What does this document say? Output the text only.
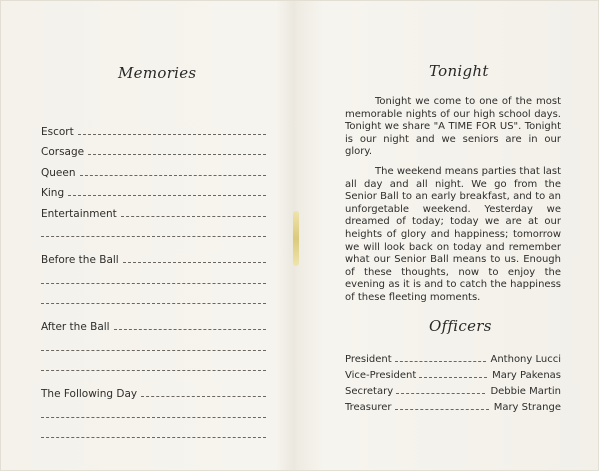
Memories
Escort
Corsage
Queen
King
Entertainment
Before the Ball
After the Ball
The Following Day
Tonight

Tonight we come to one of the most memorable nights of our high school days. Tonight we share "A TIME FOR US". Tonight is our night and we seniors are in our glory.

The weekend means parties that last all day and all night. We go from the Senior Ball to an early breakfast, and to an unforgetable weekend. Yesterday we dreamed of today; today we are at our heights of glory and happiness; tomorrow we will look back on today and remember what our Senior Ball means to us. Enough of these thoughts, now to enjoy the evening as it is and to catch the happiness of these fleeting moments.

Officers
President	Anthony Lucci
Vice-President	Mary Pakenas
Secretary	Debbie Martin
Treasurer	Mary Strange
